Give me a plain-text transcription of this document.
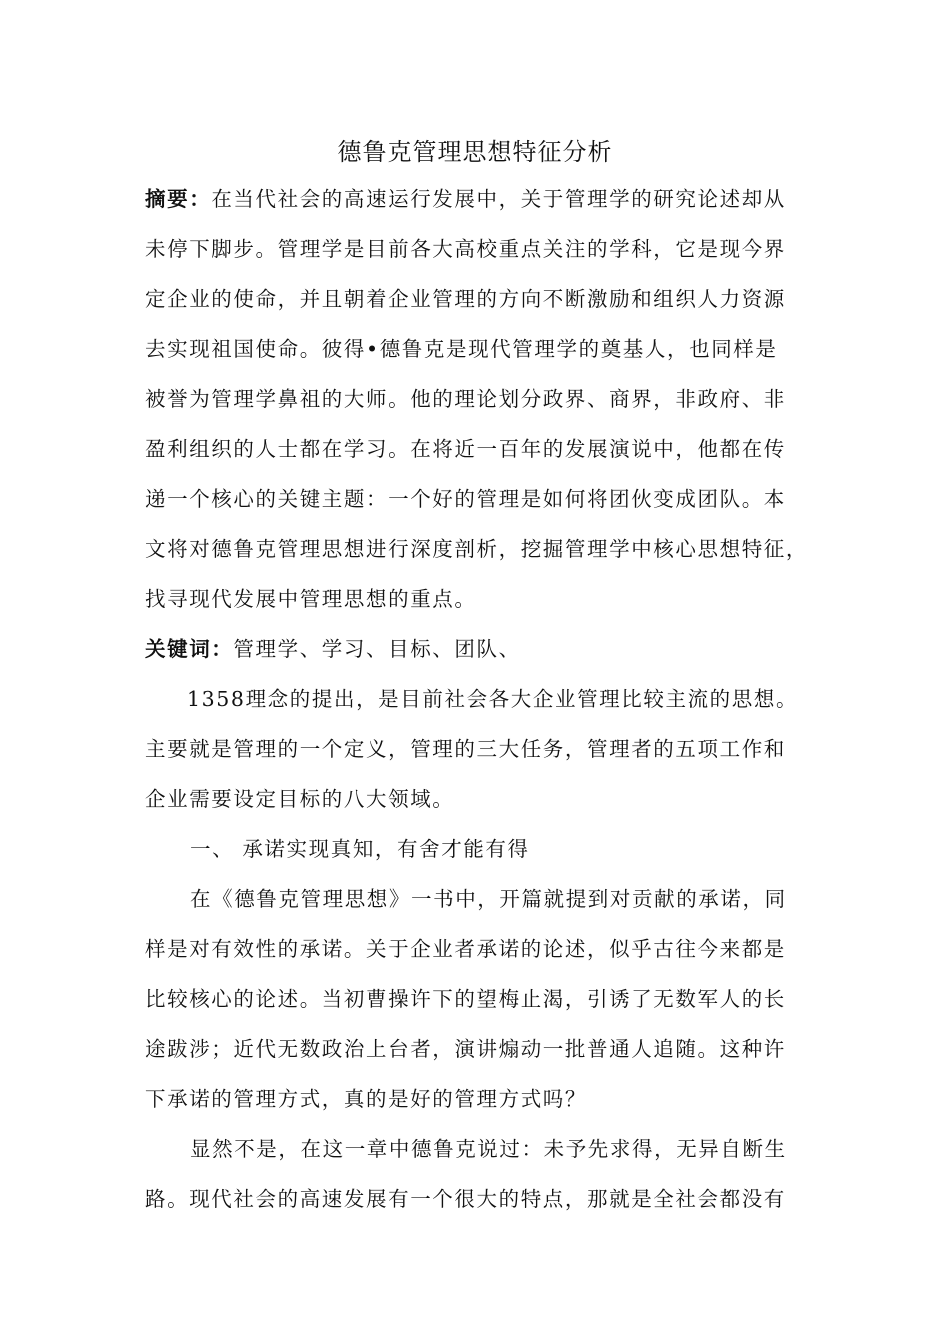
德鲁克管理思想特征分析
摘要：在当代社会的高速运行发展中，关于管理学的研究论述却从
未停下脚步。管理学是目前各大高校重点关注的学科，它是现今界
定企业的使命，并且朝着企业管理的方向不断激励和组织人力资源
去实现祖国使命。彼得•德鲁克是现代管理学的奠基人，也同样是
被誉为管理学鼻祖的大师。他的理论划分政界、商界，非政府、非
盈利组织的人士都在学习。在将近一百年的发展演说中，他都在传
递一个核心的关键主题：一个好的管理是如何将团伙变成团队。本
文将对德鲁克管理思想进行深度剖析，挖掘管理学中核心思想特征，
找寻现代发展中管理思想的重点。
关键词：管理学、学习、目标、团队、
1358理念的提出，是目前社会各大企业管理比较主流的思想。
主要就是管理的一个定义，管理的三大任务，管理者的五项工作和
企业需要设定目标的八大领域。
一、 承诺实现真知，有舍才能有得
在《德鲁克管理思想》一书中，开篇就提到对贡献的承诺，同
样是对有效性的承诺。关于企业者承诺的论述，似乎古往今来都是
比较核心的论述。当初曹操许下的望梅止渴，引诱了无数军人的长
途跋涉；近代无数政治上台者，演讲煽动一批普通人追随。这种许
下承诺的管理方式，真的是好的管理方式吗？
显然不是，在这一章中德鲁克说过：未予先求得，无异自断生
路。现代社会的高速发展有一个很大的特点，那就是全社会都没有
